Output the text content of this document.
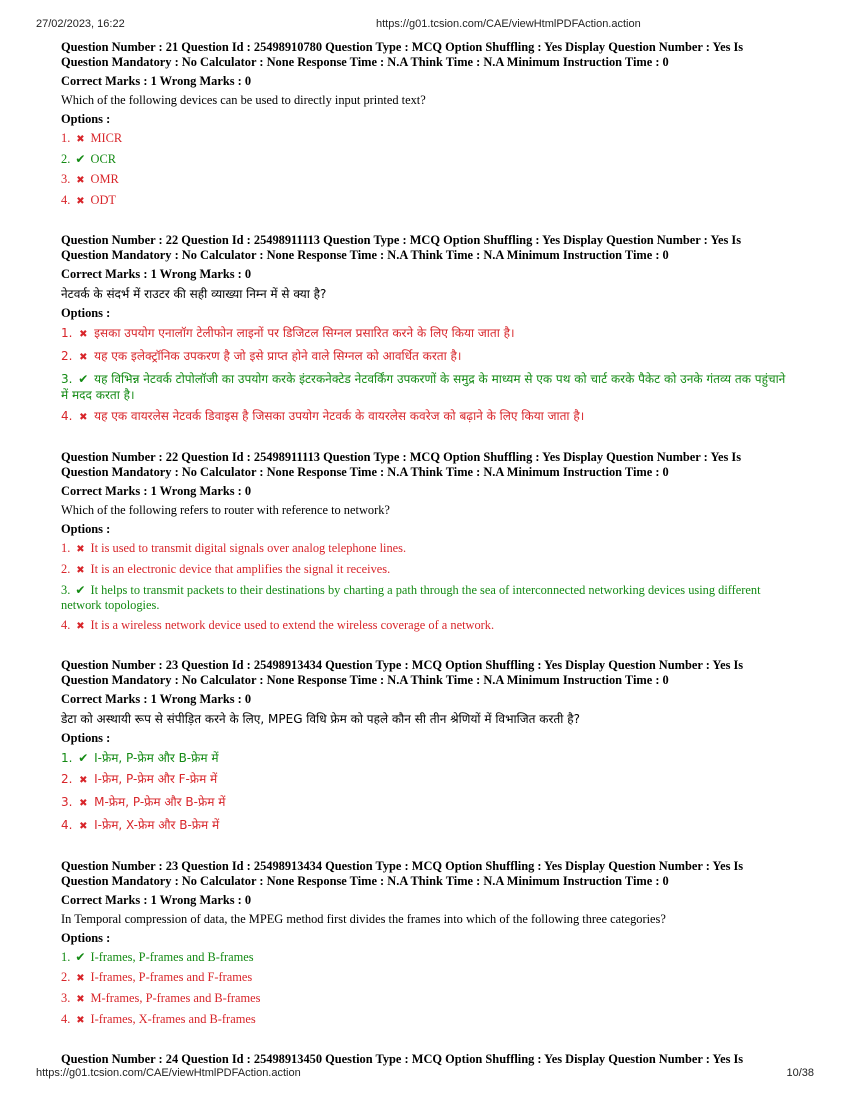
27/02/2023, 16:22	https://g01.tcsion.com/CAE/viewHtmlPDFAction.action
Question Number : 21 Question Id : 25498910780 Question Type : MCQ Option Shuffling : Yes Display Question Number : Yes Is Question Mandatory : No Calculator : None Response Time : N.A Think Time : N.A Minimum Instruction Time : 0
Correct Marks : 1 Wrong Marks : 0
Which of the following devices can be used to directly input printed text?
Options :
1. ✖ MICR
2. ✔ OCR
3. ✖ OMR
4. ✖ ODT
Question Number : 22 Question Id : 25498911113 Question Type : MCQ Option Shuffling : Yes Display Question Number : Yes Is Question Mandatory : No Calculator : None Response Time : N.A Think Time : N.A Minimum Instruction Time : 0
Correct Marks : 1 Wrong Marks : 0
नेटवर्क के संदर्भ में राउटर की सही व्याख्या निम्न में से क्या है?
Options :
1. ✖ इसका उपयोग एनालॉग टेलीफोन लाइनों पर डिजिटल सिग्नल प्रसारित करने के लिए किया जाता है।
2. ✖ यह एक इलेक्ट्रॉनिक उपकरण है जो इसे प्राप्त होने वाले सिग्नल को आवर्धित करता है।
3. ✔ यह विभिन्न नेटवर्क टोपोलॉजी का उपयोग करके इंटरकनेक्टेड नेटवर्किंग उपकरणों के समुद्र के माध्यम से एक पथ को चार्ट करके पैकेट को उनके गंतव्य तक पहुंचाने में मदद करता है।
4. ✖ यह एक वायरलेस नेटवर्क डिवाइस है जिसका उपयोग नेटवर्क के वायरलेस कवरेज को बढ़ाने के लिए किया जाता है।
Question Number : 22 Question Id : 25498911113 Question Type : MCQ Option Shuffling : Yes Display Question Number : Yes Is Question Mandatory : No Calculator : None Response Time : N.A Think Time : N.A Minimum Instruction Time : 0
Correct Marks : 1 Wrong Marks : 0
Which of the following refers to router with reference to network?
Options :
1. ✖ It is used to transmit digital signals over analog telephone lines.
2. ✖ It is an electronic device that amplifies the signal it receives.
3. ✔ It helps to transmit packets to their destinations by charting a path through the sea of interconnected networking devices using different network topologies.
4. ✖ It is a wireless network device used to extend the wireless coverage of a network.
Question Number : 23 Question Id : 25498913434 Question Type : MCQ Option Shuffling : Yes Display Question Number : Yes Is Question Mandatory : No Calculator : None Response Time : N.A Think Time : N.A Minimum Instruction Time : 0
Correct Marks : 1 Wrong Marks : 0
डेटा को अस्थायी रूप से संपीड़ित करने के लिए, MPEG विधि फ्रेम को पहले कौन सी तीन श्रेणियों में विभाजित करती है?
Options :
1. ✔ I-फ्रेम, P-फ्रेम और B-फ्रेम में
2. ✖ I-फ्रेम, P-फ्रेम और F-फ्रेम में
3. ✖ M-फ्रेम, P-फ्रेम और B-फ्रेम में
4. ✖ I-फ्रेम, X-फ्रेम और B-फ्रेम में
Question Number : 23 Question Id : 25498913434 Question Type : MCQ Option Shuffling : Yes Display Question Number : Yes Is Question Mandatory : No Calculator : None Response Time : N.A Think Time : N.A Minimum Instruction Time : 0
Correct Marks : 1 Wrong Marks : 0
In Temporal compression of data, the MPEG method first divides the frames into which of the following three categories?
Options :
1. ✔ I-frames, P-frames and B-frames
2. ✖ I-frames, P-frames and F-frames
3. ✖ M-frames, P-frames and B-frames
4. ✖ I-frames, X-frames and B-frames
Question Number : 24 Question Id : 25498913450 Question Type : MCQ Option Shuffling : Yes Display Question Number : Yes Is
https://g01.tcsion.com/CAE/viewHtmlPDFAction.action	10/38
